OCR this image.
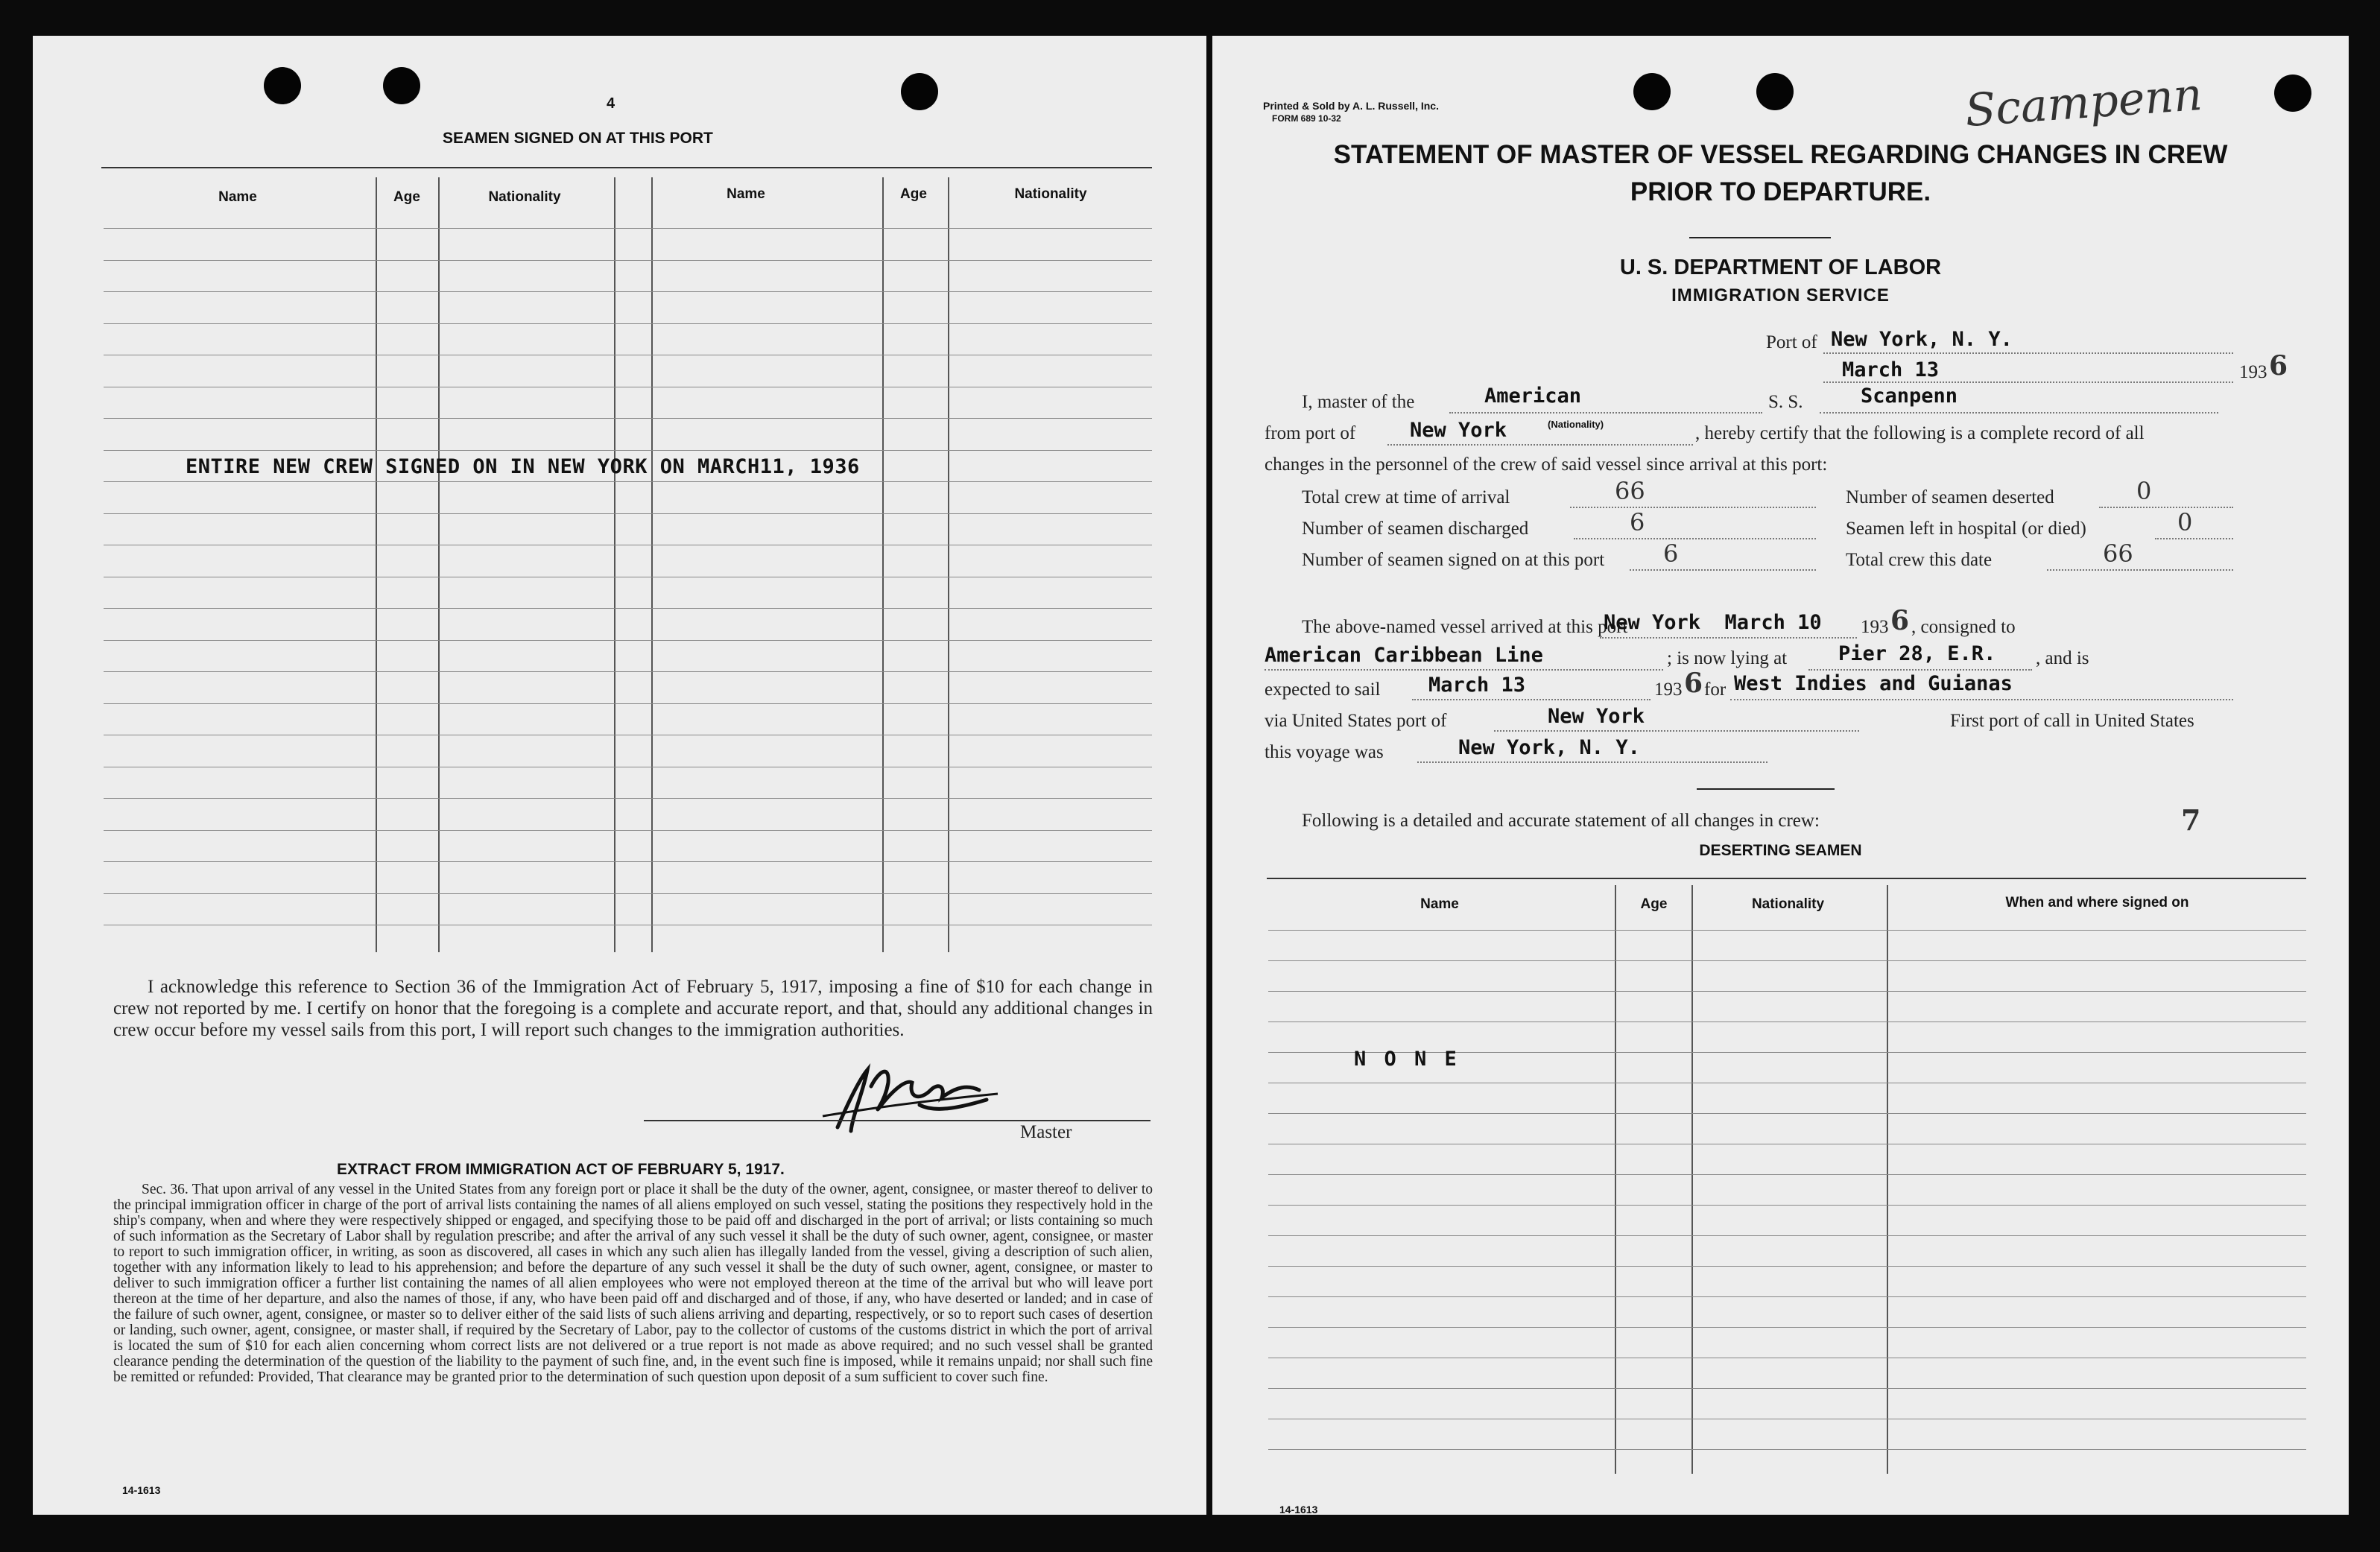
4
SEAMEN SIGNED ON AT THIS PORT
Name	Age	Nationality	Name	Age	Nationality
ENTIRE NEW CREW SIGNED ON IN NEW YORK ON MARCH11, 1936
I acknowledge this reference to Section 36 of the Immigration Act of February 5, 1917, imposing a fine of $10 for each change in crew not reported by me. I certify on honor that the foregoing is a complete and accurate report, and that, should any additional changes in crew occur before my vessel sails from this port, I will report such changes to the immigration authorities.
Master
EXTRACT FROM IMMIGRATION ACT OF FEBRUARY 5, 1917.
Sec. 36. That upon arrival of any vessel in the United States from any foreign port or place it shall be the duty of the owner, agent, consignee, or master thereof to deliver to the principal immigration officer in charge of the port of arrival lists containing the names of all aliens employed on such vessel, stating the positions they respectively hold in the ship's company, when and where they were respectively shipped or engaged, and specifying those to be paid off and discharged in the port of arrival; or lists containing so much of such information as the Secretary of Labor shall by regulation prescribe; and after the arrival of any such vessel it shall be the duty of such owner, agent, consignee, or master to report to such immigration officer, in writing, as soon as discovered, all cases in which any such alien has illegally landed from the vessel, giving a description of such alien, together with any information likely to lead to his apprehension; and before the departure of any such vessel it shall be the duty of such owner, agent, consignee, or master to deliver to such immigration officer a further list containing the names of all alien employees who were not employed thereon at the time of the arrival but who will leave port thereon at the time of her departure, and also the names of those, if any, who have been paid off and discharged and of those, if any, who have deserted or landed; and in case of the failure of such owner, agent, consignee, or master so to deliver either of the said lists of such aliens arriving and departing, respectively, or so to report such cases of desertion or landing, such owner, agent, consignee, or master shall, if required by the Secretary of Labor, pay to the collector of customs of the customs district in which the port of arrival is located the sum of $10 for each alien concerning whom correct lists are not delivered or a true report is not made as above required; and no such vessel shall be granted clearance pending the determination of the question of the liability to the payment of such fine, and, in the event such fine is imposed, while it remains unpaid; nor shall such fine be remitted or refunded: Provided, That clearance may be granted prior to the determination of such question upon deposit of a sum sufficient to cover such fine.
14-1613
Printed & Sold by A. L. Russell, Inc.
FORM 689 10-32	Scampenn
STATEMENT OF MASTER OF VESSEL REGARDING CHANGES IN CREW
PRIOR TO DEPARTURE.
U. S. DEPARTMENT OF LABOR
IMMIGRATION SERVICE
Port of New York, N. Y.
March 13	193 6
I, master of the	American	S. S.	Scanpenn
from port of	New York	(Nationality)	, hereby certify that the following is a complete record of all
changes in the personnel of the crew of said vessel since arrival at this port:
Total crew at time of arrival	66	Number of seamen deserted	0
Number of seamen discharged	6	Seamen left in hospital (or died)	0
Number of seamen signed on at this port 6	Total crew this date	66
The above-named vessel arrived at this port
New York  March 10 193 6 , consigned to
American Caribbean Line	; is now lying at	Pier 28, E.R. , and is
expected to sail March 13	193 6 for West Indies and Guianas
via United States port of	New York	First port of call in United States
this voyage was	New York, N. Y.
Following is a detailed and accurate statement of all changes in crew:	7
DESERTING SEAMEN
Name	Age	Nationality	When and where signed on
N O N E
14-1613
